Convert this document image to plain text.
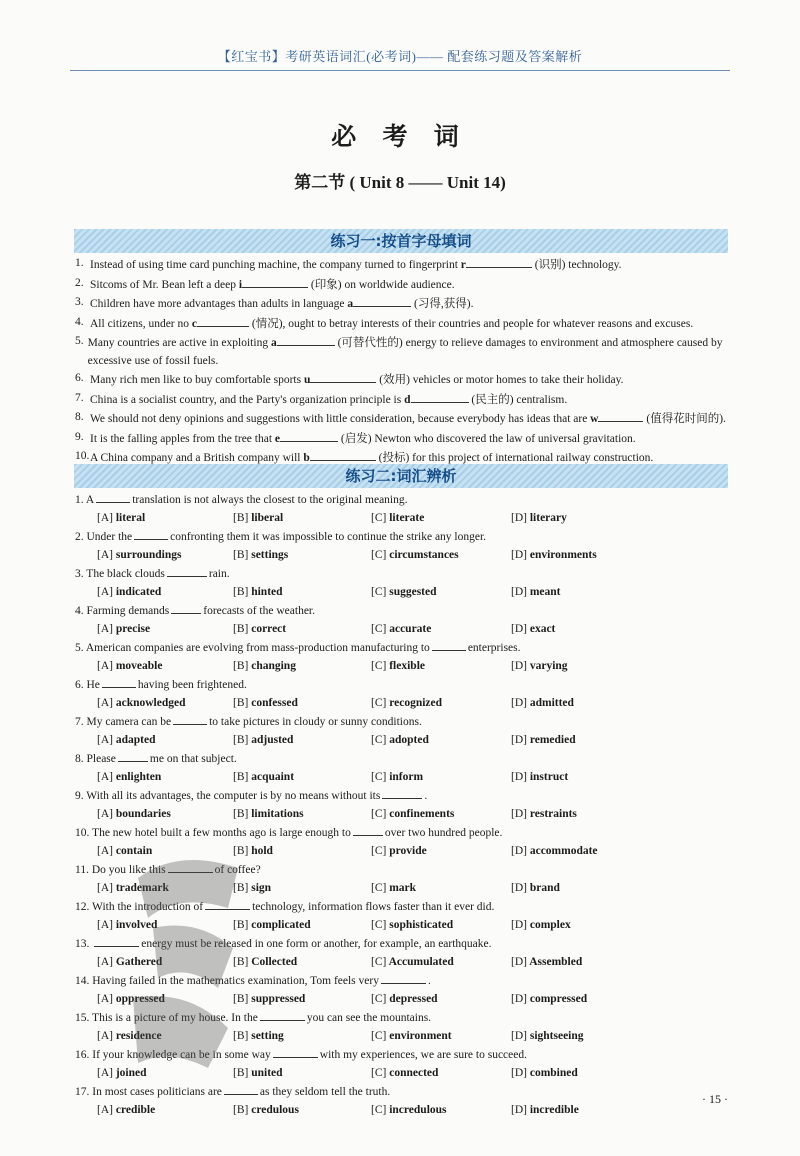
【红宝书】考研英语词汇(必考词)—— 配套练习题及答案解析
必 考 词
第二节 ( Unit 8 —— Unit 14)
练习一:按首字母填词
1. Instead of using time card punching machine, the company turned to fingerprint r	(识别) technology.
2. Sitcoms of Mr. Bean left a deep i	(印象) on worldwide audience.
3. Children have more advantages than adults in language a	(习得,获得).
4. All citizens, under no c	(情况), ought to betray interests of their countries and people for whatever reasons and excuses.
5. Many countries are active in exploiting a	(可替代性的) energy to relieve damages to environment and atmosphere caused by excessive use of fossil fuels.
6. Many rich men like to buy comfortable sports u	(效用) vehicles or motor homes to take their holiday.
7. China is a socialist country, and the Party's organization principle is d	(民主的) centralism.
8. We should not deny opinions and suggestions with little consideration, because everybody has ideas that are w	(值得花时间的).
9. It is the falling apples from the tree that e	(启发) Newton who discovered the law of universal gravitation.
10. A China company and a British company will b	(投标) for this project of international railway construction.
练习二:词汇辨析
1. A	translation is not always the closest to the original meaning.
[A] literal	[B] liberal	[C] literate	[D] literary
2. Under the	confronting them it was impossible to continue the strike any longer.
[A] surroundings	[B] settings	[C] circumstances	[D] environments
3. The black clouds	rain.
[A] indicated	[B] hinted	[C] suggested	[D] meant
4. Farming demands	forecasts of the weather.
[A] precise	[B] correct	[C] accurate	[D] exact
5. American companies are evolving from mass-production manufacturing to	enterprises.
[A] moveable	[B] changing	[C] flexible	[D] varying
6. He	having been frightened.
[A] acknowledged	[B] confessed	[C] recognized	[D] admitted
7. My camera can be	to take pictures in cloudy or sunny conditions.
[A] adapted	[B] adjusted	[C] adopted	[D] remedied
8. Please	me on that subject.
[A] enlighten	[B] acquaint	[C] inform	[D] instruct
9. With all its advantages, the computer is by no means without its	.
[A] boundaries	[B] limitations	[C] confinements	[D] restraints
10. The new hotel built a few months ago is large enough to	over two hundred people.
[A] contain	[B] hold	[C] provide	[D] accommodate
11. Do you like this	of coffee?
[A] trademark	[B] sign	[C] mark	[D] brand
12. With the introduction of	technology, information flows faster than it ever did.
[A] involved	[B] complicated	[C] sophisticated	[D] complex
13.	energy must be released in one form or another, for example, an earthquake.
[A] Gathered	[B] Collected	[C] Accumulated	[D] Assembled
14. Having failed in the mathematics examination, Tom feels very	.
[A] oppressed	[B] suppressed	[C] depressed	[D] compressed
15. This is a picture of my house. In the	you can see the mountains.
[A] residence	[B] setting	[C] environment	[D] sightseeing
16. If your knowledge can be in some way	with my experiences, we are sure to succeed.
[A] joined	[B] united	[C] connected	[D] combined
17. In most cases politicians are	as they seldom tell the truth.
[A] credible	[B] credulous	[C] incredulous	[D] incredible
· 15 ·
